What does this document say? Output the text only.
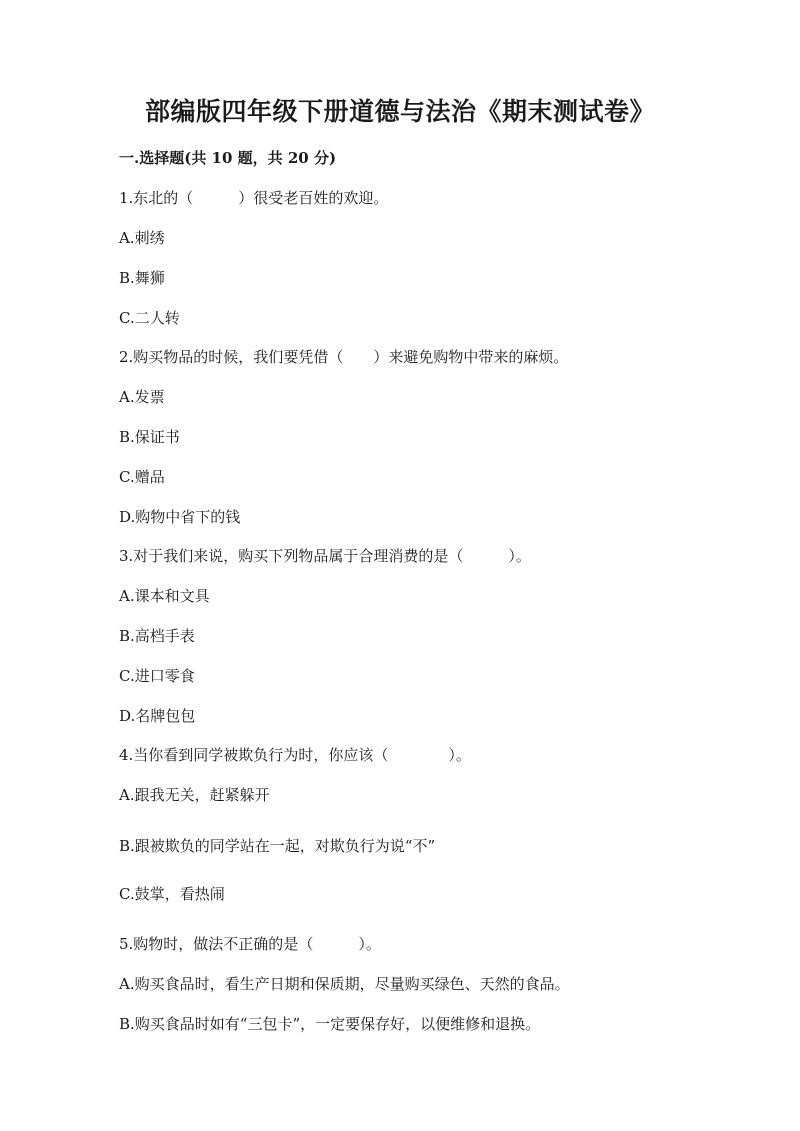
部编版四年级下册道德与法治《期末测试卷》
一.选择题(共 10 题，共 20 分)
1.东北的（　　　）很受老百姓的欢迎。
A.刺绣
B.舞狮
C.二人转
2.购买物品的时候，我们要凭借（　　）来避免购物中带来的麻烦。
A.发票
B.保证书
C.赠品
D.购物中省下的钱
3.对于我们来说，购买下列物品属于合理消费的是（　　　）。
A.课本和文具
B.高档手表
C.进口零食
D.名牌包包
4.当你看到同学被欺负行为时，你应该（　　　　）。
A.跟我无关，赶紧躲开
B.跟被欺负的同学站在一起，对欺负行为说“不”
C.鼓掌，看热闹
5.购物时，做法不正确的是（　　　）。
A.购买食品时，看生产日期和保质期，尽量购买绿色、天然的食品。
B.购买食品时如有“三包卡”，一定要保存好，以便维修和退换。
